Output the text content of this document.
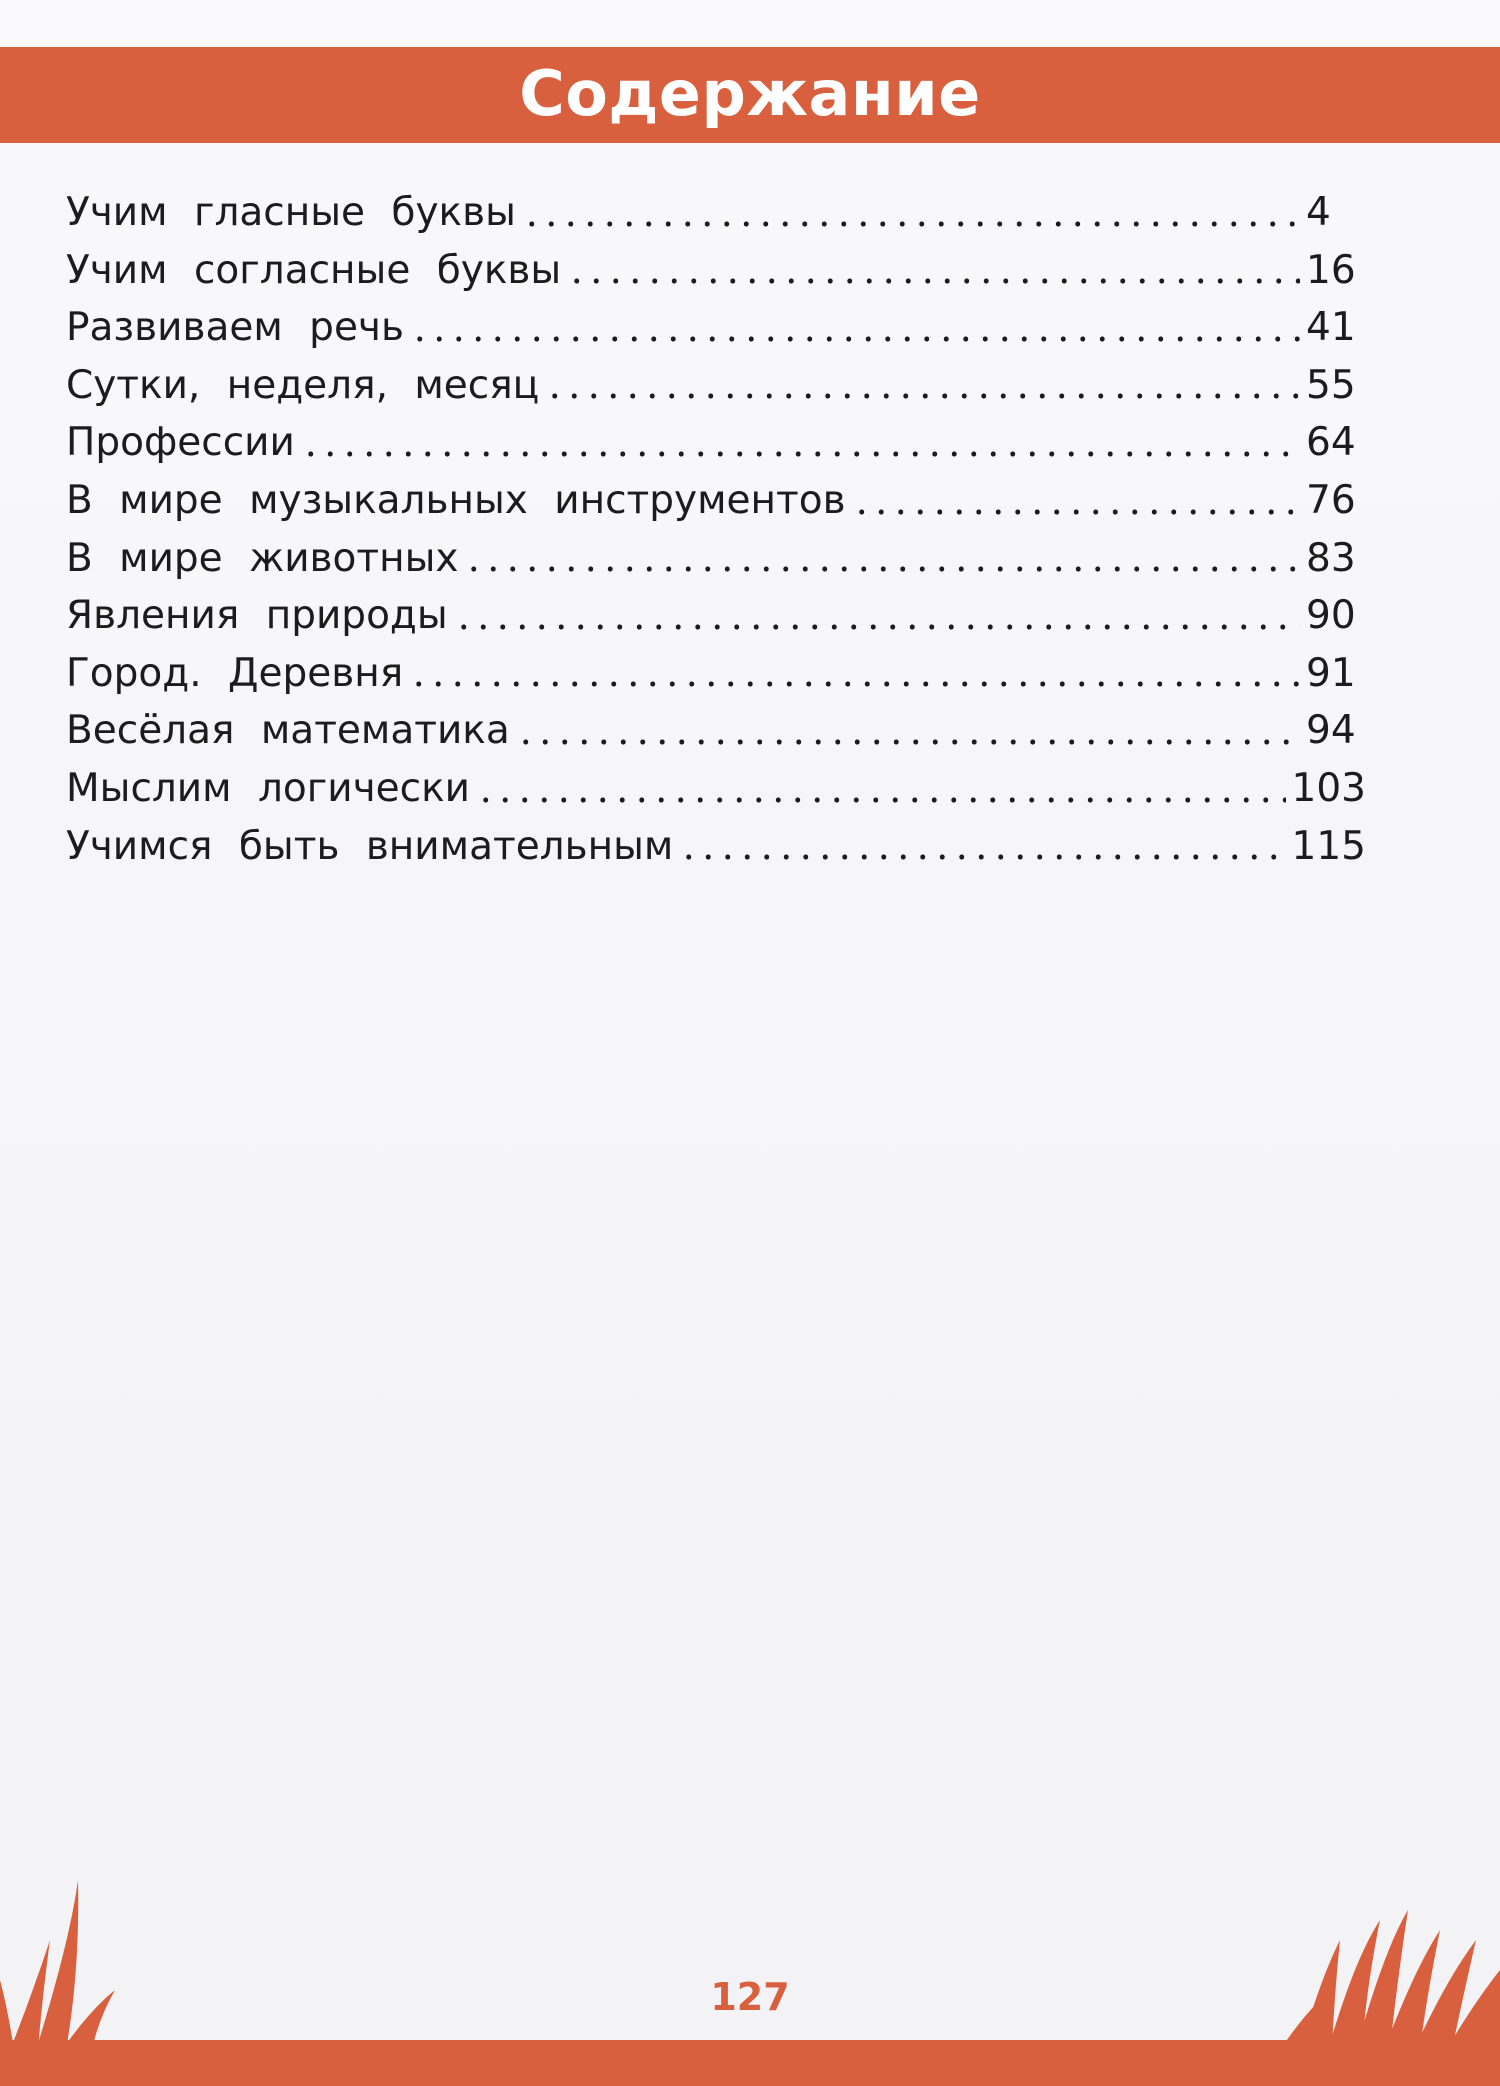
Содержание
Учим гласные буквы	4
Учим согласные буквы	16
Развиваем речь	41
Сутки, неделя, месяц	55
Профессии	64
В мире музыкальных инструментов	76
В мире животных	83
Явления природы	90
Город. Деревня	91
Весёлая математика	94
Мыслим логически	103
Учимся быть внимательным	115
127
